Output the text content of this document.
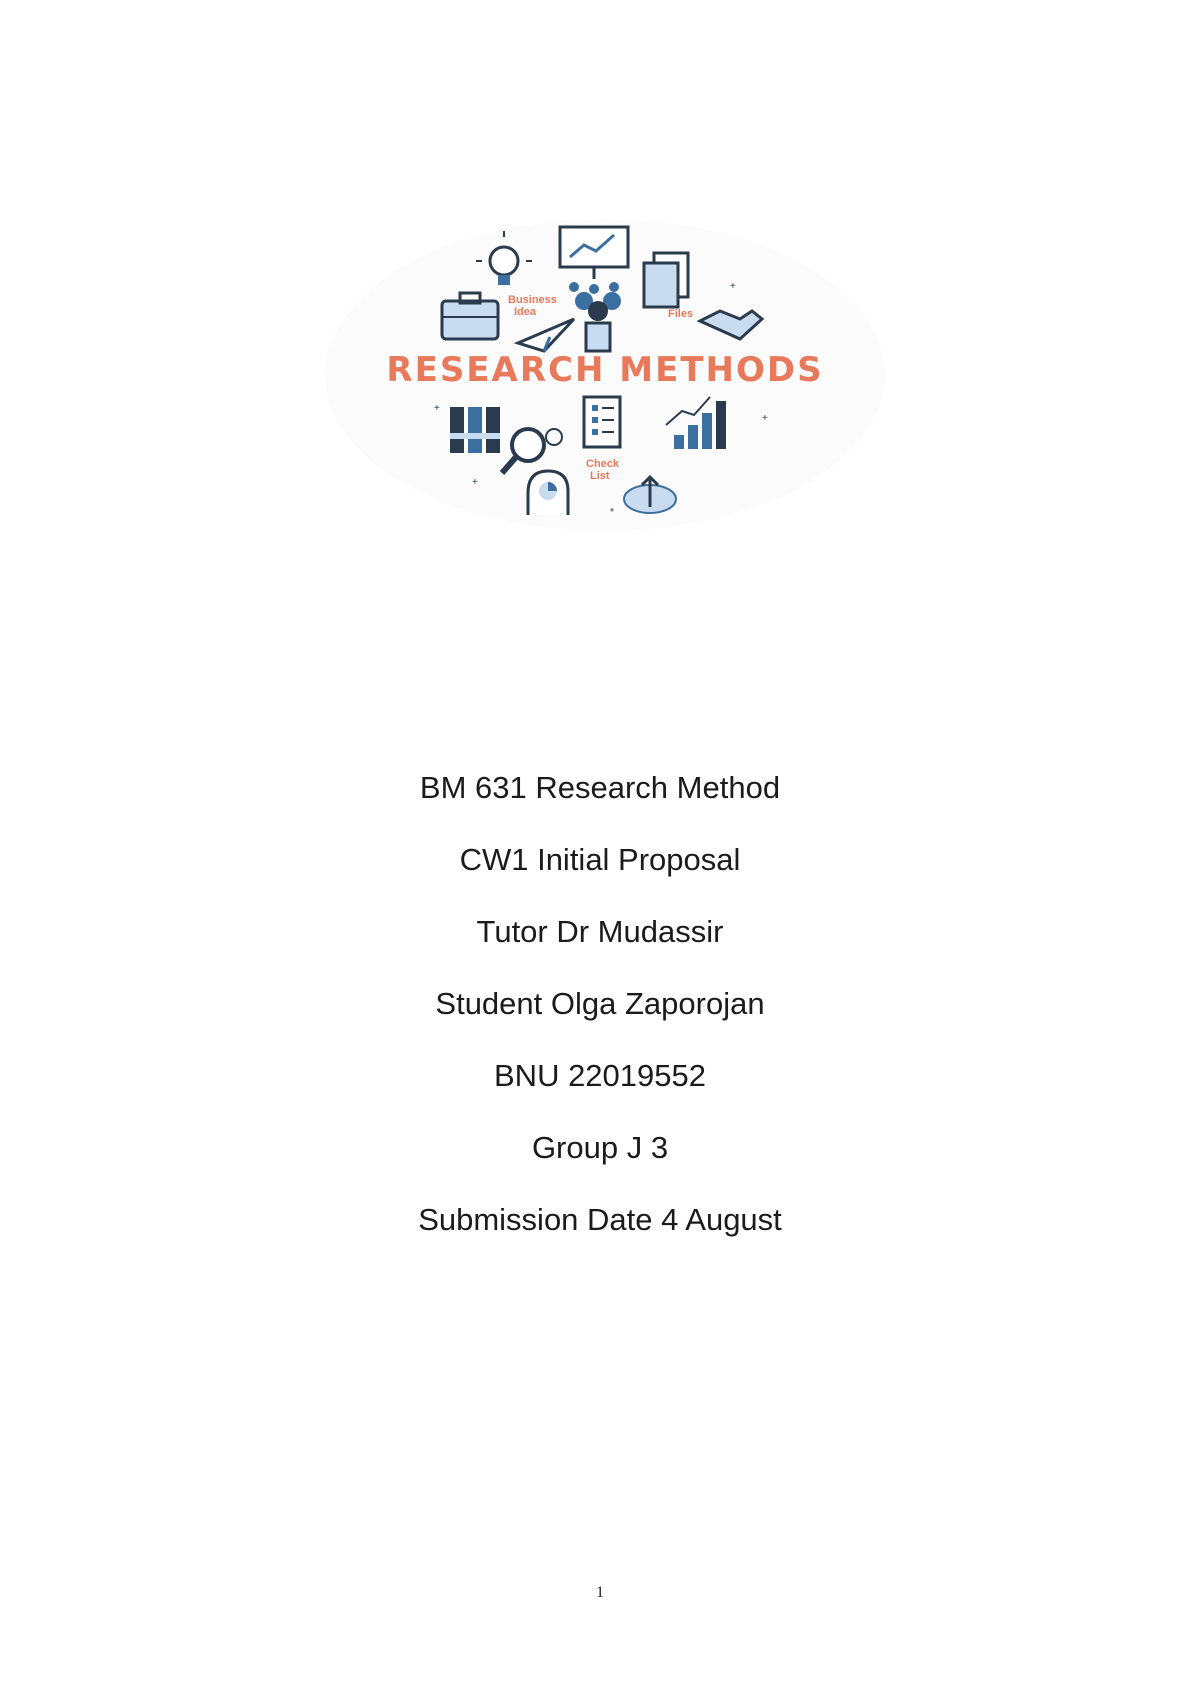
Business
Idea	Files
RESEARCH METHODS
Check
List
+
+
+
*
+

BM 631 Research Method

CW1 Initial Proposal

Tutor Dr Mudassir

Student Olga Zaporojan

BNU 22019552

Group J 3

Submission Date 4 August

1
